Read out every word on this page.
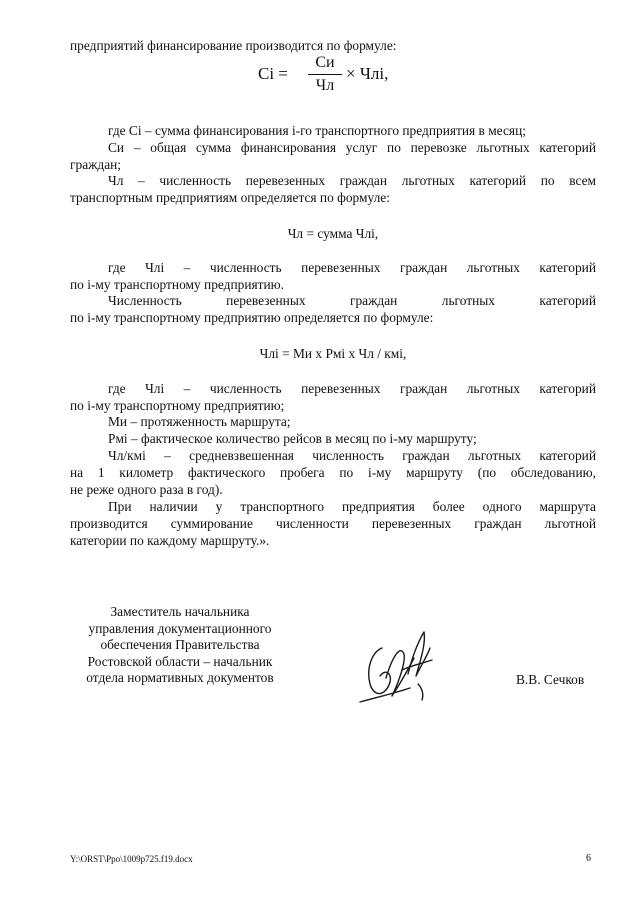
предприятий финансирование производится по формуле:
Сi =
Си
Чл
× Члi,
где Сi – сумма финансирования i-го транспортного предприятия в месяц;
Си – общая сумма финансирования услуг по перевозке льготных категорий
граждан;
Чл – численность перевезенных граждан льготных категорий по всем
транспортным предприятиям определяется по формуле:
Чл = сумма Члi,
где Члi – численность перевезенных граждан льготных категорий
по i-му транспортному предприятию.
Численность перевезенных граждан льготных категорий
по i-му транспортному предприятию определяется по формуле:
Члi = Ми х Рмi х Чл / кмi,
где Члi – численность перевезенных граждан льготных категорий
по i-му транспортному предприятию;
Ми – протяженность маршрута;
Рмi – фактическое количество рейсов в месяц по i-му маршруту;
Чл/кмi – средневзвешенная численность граждан льготных категорий
на 1 километр фактического пробега по i-му маршруту (по обследованию,
не реже одного раза в год).
При наличии у транспортного предприятия более одного маршрута
производится суммирование численности перевезенных граждан льготной
категории по каждому маршруту.».
Заместитель начальника
управления документационного
обеспечения Правительства
Ростовской области – начальник
отдела нормативных документов	В.В. Сечков
Y:\ORST\Ppo\1009p725.f19.docx	6
